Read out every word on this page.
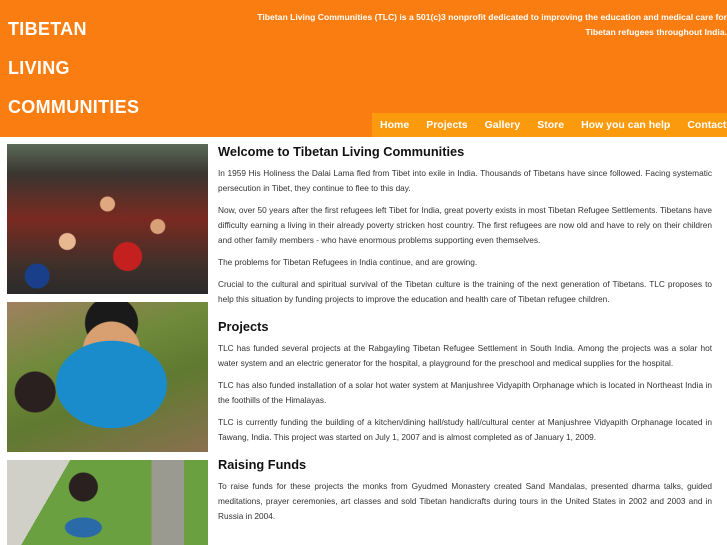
TIBETAN
LIVING
COMMUNITIES
Tibetan Living Communities (TLC) is a 501(c)3 nonprofit dedicated to improving the education and medical care for Tibetan refugees throughout India.
Home Projects Gallery Store How you can help Contact
Welcome to Tibetan Living Communities

In 1959 His Holiness the Dalai Lama fled from Tibet into exile in India. Thousands of Tibetans have since followed. Facing systematic persecution in Tibet, they continue to flee to this day.

Now, over 50 years after the first refugees left Tibet for India, great poverty exists in most Tibetan Refugee Settlements. Tibetans have difficulty earning a living in their already poverty stricken host country. The first refugees are now old and have to rely on their children and other family members - who have enormous problems supporting even themselves.

The problems for Tibetan Refugees in India continue, and are growing.

Crucial to the cultural and spiritual survival of the Tibetan culture is the training of the next generation of Tibetans. TLC proposes to help this situation by funding projects to improve the education and health care of Tibetan refugee children.

Projects

TLC has funded several projects at the Rabgayling Tibetan Refugee Settlement in South India. Among the projects was a solar hot water system and an electric generator for the hospital, a playground for the preschool and medical supplies for the hospital.

TLC has also funded installation of a solar hot water system at Manjushree Vidyapith Orphanage which is located in Northeast India in the foothills of the Himalayas.

TLC is currently funding the building of a kitchen/dining hall/study hall/cultural center at Manjushree Vidyapith Orphanage located in Tawang, India. This project was started on July 1, 2007 and is almost completed as of January 1, 2009.

Raising Funds

To raise funds for these projects the monks from Gyudmed Monastery created Sand Mandalas, presented dharma talks, guided meditations, prayer ceremonies, art classes and sold Tibetan handicrafts during tours in the United States in 2002 and 2003 and in Russia in 2004.
